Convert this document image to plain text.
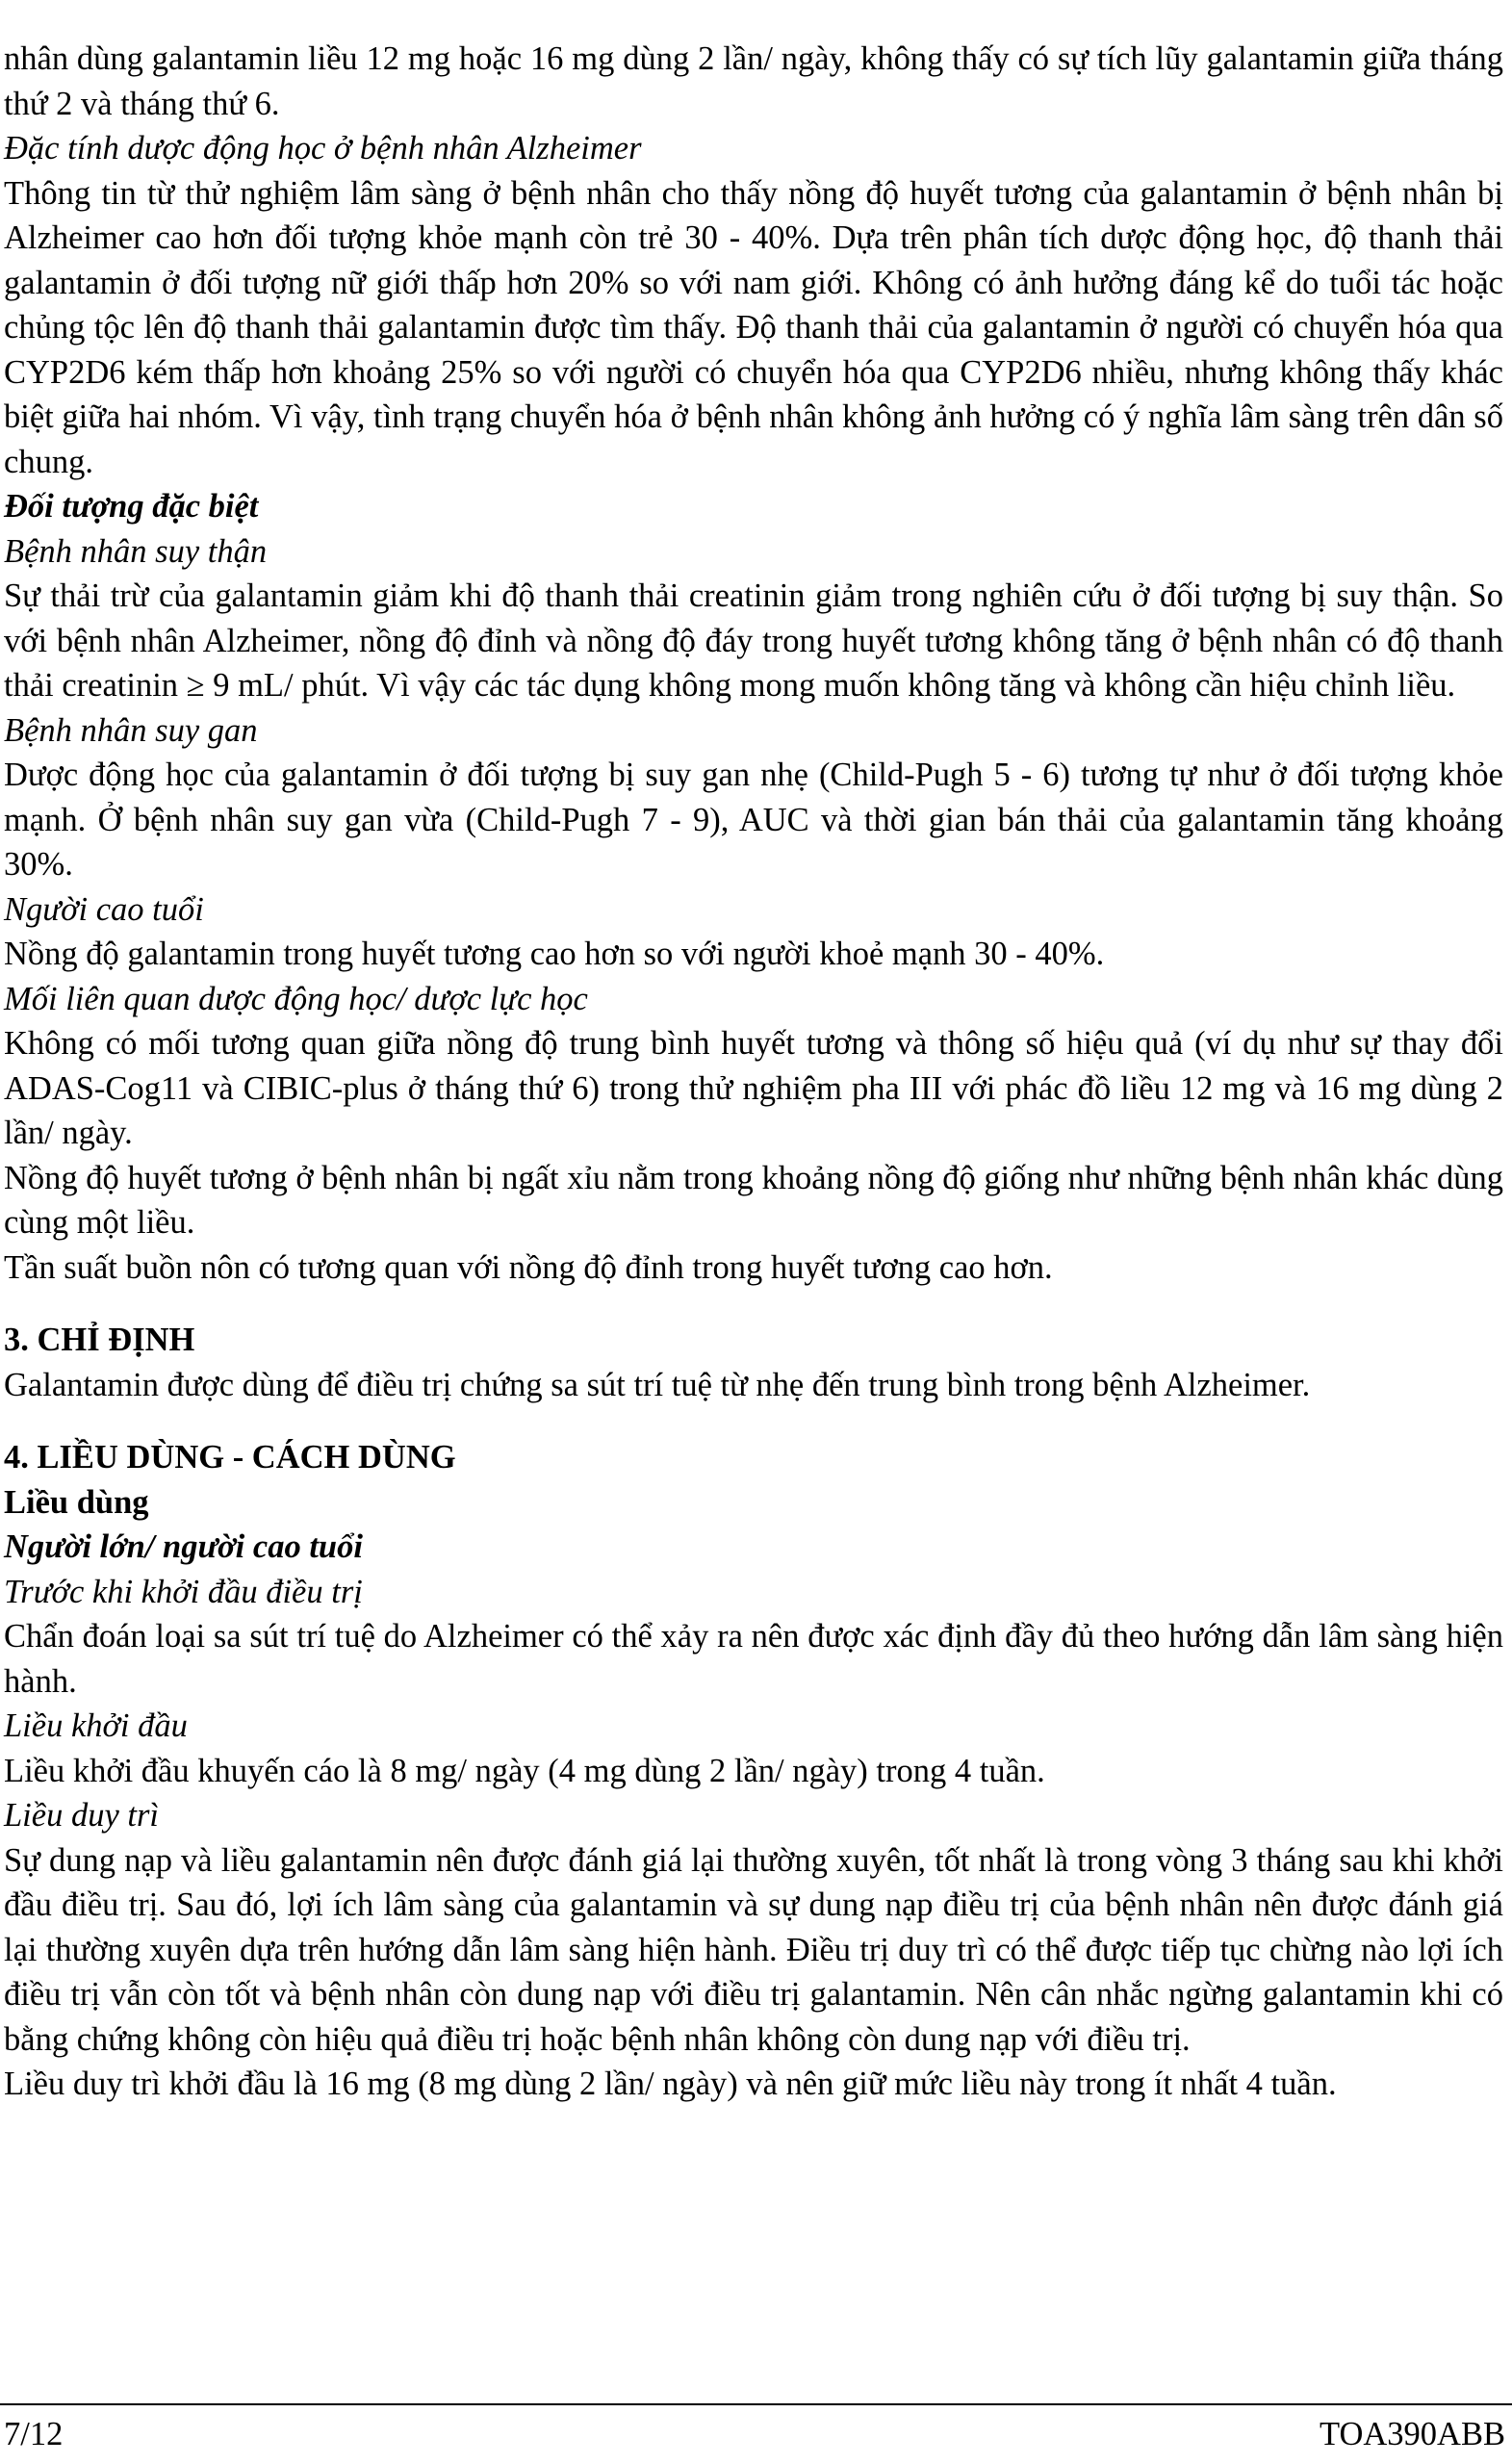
nhân dùng galantamin liều 12 mg hoặc 16 mg dùng 2 lần/ ngày, không thấy có sự tích lũy galantamin giữa tháng thứ 2 và tháng thứ 6.

Đặc tính dược động học ở bệnh nhân Alzheimer

Thông tin từ thử nghiệm lâm sàng ở bệnh nhân cho thấy nồng độ huyết tương của galantamin ở bệnh nhân bị Alzheimer cao hơn đối tượng khỏe mạnh còn trẻ 30 - 40%. Dựa trên phân tích dược động học, độ thanh thải galantamin ở đối tượng nữ giới thấp hơn 20% so với nam giới. Không có ảnh hưởng đáng kể do tuổi tác hoặc chủng tộc lên độ thanh thải galantamin được tìm thấy. Độ thanh thải của galantamin ở người có chuyển hóa qua CYP2D6 kém thấp hơn khoảng 25% so với người có chuyển hóa qua CYP2D6 nhiều, nhưng không thấy khác biệt giữa hai nhóm. Vì vậy, tình trạng chuyển hóa ở bệnh nhân không ảnh hưởng có ý nghĩa lâm sàng trên dân số chung.

Đối tượng đặc biệt

Bệnh nhân suy thận

Sự thải trừ của galantamin giảm khi độ thanh thải creatinin giảm trong nghiên cứu ở đối tượng bị suy thận. So với bệnh nhân Alzheimer, nồng độ đỉnh và nồng độ đáy trong huyết tương không tăng ở bệnh nhân có độ thanh thải creatinin ≥ 9 mL/ phút. Vì vậy các tác dụng không mong muốn không tăng và không cần hiệu chỉnh liều.

Bệnh nhân suy gan

Dược động học của galantamin ở đối tượng bị suy gan nhẹ (Child-Pugh 5 - 6) tương tự như ở đối tượng khỏe mạnh. Ở bệnh nhân suy gan vừa (Child-Pugh 7 - 9), AUC và thời gian bán thải của galantamin tăng khoảng 30%.

Người cao tuổi

Nồng độ galantamin trong huyết tương cao hơn so với người khoẻ mạnh 30 - 40%.

Mối liên quan dược động học/ dược lực học

Không có mối tương quan giữa nồng độ trung bình huyết tương và thông số hiệu quả (ví dụ như sự thay đổi ADAS-Cog11 và CIBIC-plus ở tháng thứ 6) trong thử nghiệm pha III với phác đồ liều 12 mg và 16 mg dùng 2 lần/ ngày.

Nồng độ huyết tương ở bệnh nhân bị ngất xỉu nằm trong khoảng nồng độ giống như những bệnh nhân khác dùng cùng một liều.

Tần suất buồn nôn có tương quan với nồng độ đỉnh trong huyết tương cao hơn.

3. CHỈ ĐỊNH

Galantamin được dùng để điều trị chứng sa sút trí tuệ từ nhẹ đến trung bình trong bệnh Alzheimer.

4. LIỀU DÙNG - CÁCH DÙNG

Liều dùng

Người lớn/ người cao tuổi

Trước khi khởi đầu điều trị

Chẩn đoán loại sa sút trí tuệ do Alzheimer có thể xảy ra nên được xác định đầy đủ theo hướng dẫn lâm sàng hiện hành.

Liều khởi đầu

Liều khởi đầu khuyến cáo là 8 mg/ ngày (4 mg dùng 2 lần/ ngày) trong 4 tuần.

Liều duy trì

Sự dung nạp và liều galantamin nên được đánh giá lại thường xuyên, tốt nhất là trong vòng 3 tháng sau khi khởi đầu điều trị. Sau đó, lợi ích lâm sàng của galantamin và sự dung nạp điều trị của bệnh nhân nên được đánh giá lại thường xuyên dựa trên hướng dẫn lâm sàng hiện hành. Điều trị duy trì có thể được tiếp tục chừng nào lợi ích điều trị vẫn còn tốt và bệnh nhân còn dung nạp với điều trị galantamin. Nên cân nhắc ngừng galantamin khi có bằng chứng không còn hiệu quả điều trị hoặc bệnh nhân không còn dung nạp với điều trị.

Liều duy trì khởi đầu là 16 mg (8 mg dùng 2 lần/ ngày) và nên giữ mức liều này trong ít nhất 4 tuần.

7/12	TOA390ABB
